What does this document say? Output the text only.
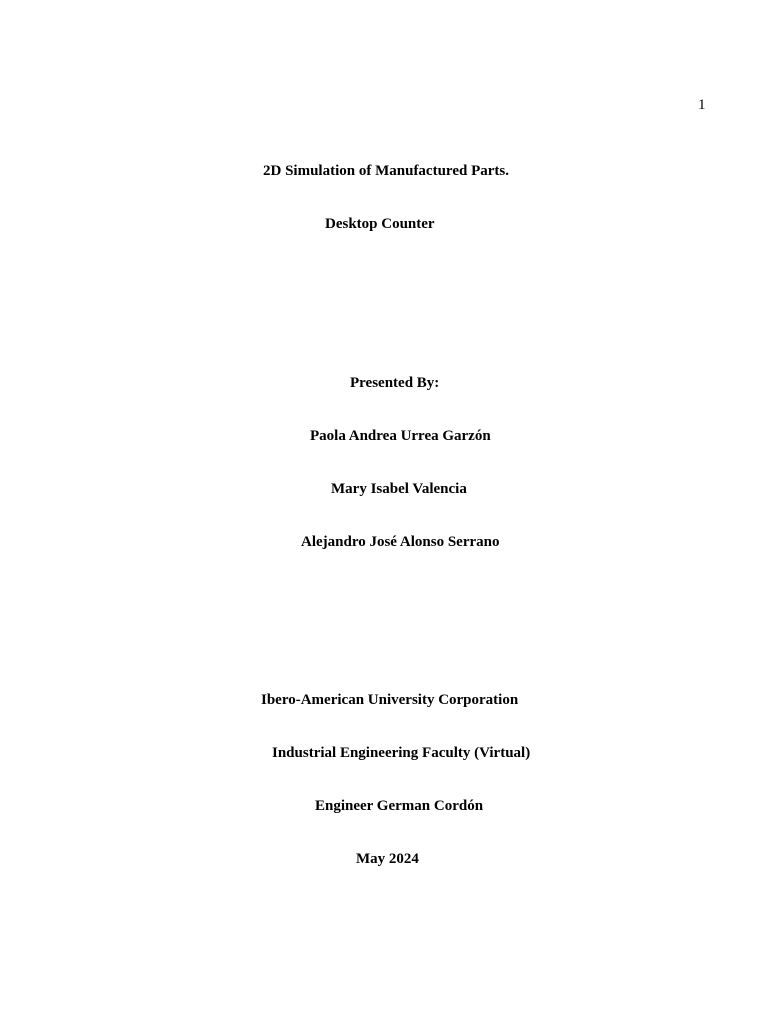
1
2D Simulation of Manufactured Parts.
Desktop Counter
Presented By:
Paola Andrea Urrea Garzón
Mary Isabel Valencia
Alejandro José Alonso Serrano
Ibero-American University Corporation
Industrial Engineering Faculty (Virtual)
Engineer German Cordón
May 2024
